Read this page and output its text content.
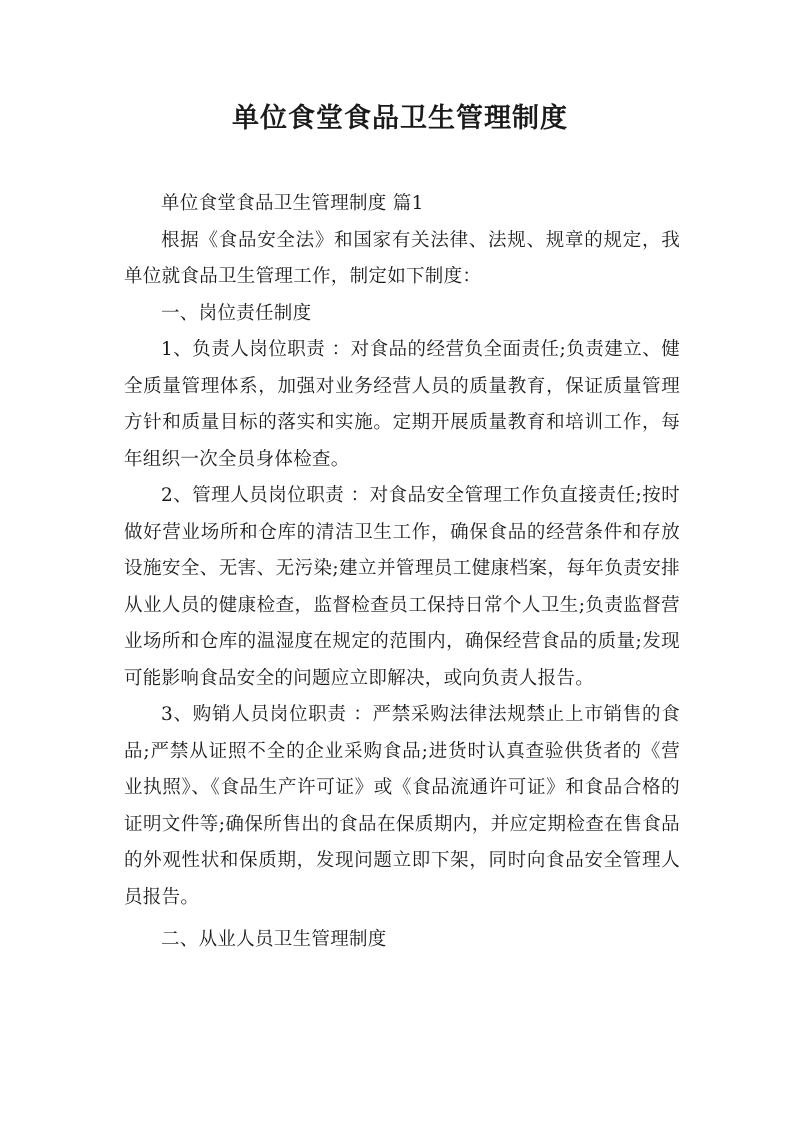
单位食堂食品卫生管理制度

单位食堂食品卫生管理制度 篇1

根据《食品安全法》和国家有关法律、法规、规章的规定，我单位就食品卫生管理工作，制定如下制度：

一、岗位责任制度

1、负责人岗位职责 ：对食品的经营负全面责任;负责建立、健全质量管理体系，加强对业务经营人员的质量教育，保证质量管理方针和质量目标的落实和实施。定期开展质量教育和培训工作，每年组织一次全员身体检查。

2、管理人员岗位职责 ：对食品安全管理工作负直接责任;按时做好营业场所和仓库的清洁卫生工作，确保食品的经营条件和存放设施安全、无害、无污染;建立并管理员工健康档案，每年负责安排从业人员的健康检查，监督检查员工保持日常个人卫生;负责监督营业场所和仓库的温湿度在规定的范围内，确保经营食品的质量;发现可能影响食品安全的问题应立即解决，或向负责人报告。

3、购销人员岗位职责 ：严禁采购法律法规禁止上市销售的食品;严禁从证照不全的企业采购食品;进货时认真查验供货者的《营业执照》、《食品生产许可证》或《食品流通许可证》和食品合格的证明文件等;确保所售出的食品在保质期内，并应定期检查在售食品的外观性状和保质期，发现问题立即下架，同时向食品安全管理人员报告。

二、从业人员卫生管理制度
